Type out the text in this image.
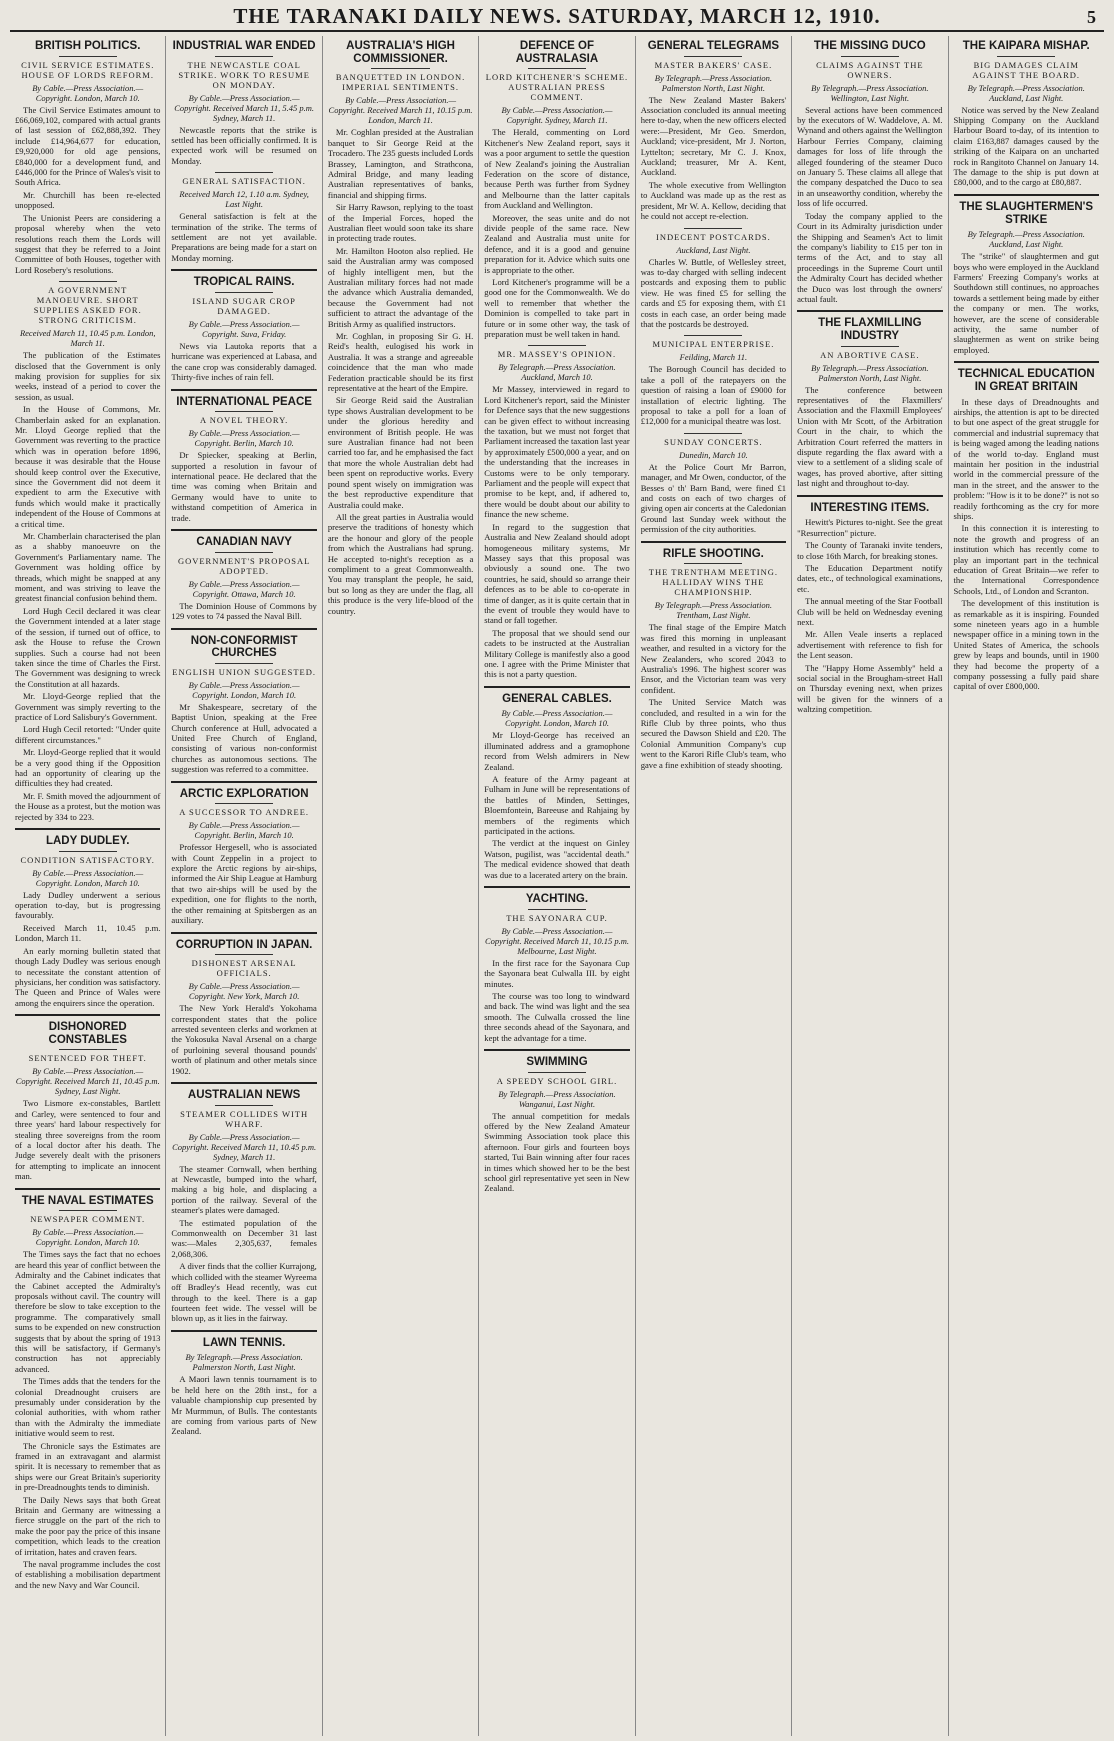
THE TARANAKI DAILY NEWS. SATURDAY, MARCH 12, 1910.	5
BRITISH POLITICS.
CIVIL SERVICE ESTIMATES. HOUSE OF LORDS REFORM.
By Cable.—Press Association.—Copyright. London, March 10.

The Civil Service Estimates amount to £66,069,102, compared with actual grants of last session of £62,888,392. They include £14,964,677 for education, £9,920,000 for old age pensions, £840,000 for a development fund, and £446,000 for the Prince of Wales's visit to South Africa.

Mr. Churchill has been re-elected unopposed.

The Unionist Peers are considering a proposal whereby when the veto resolutions reach them the Lords will suggest that they be referred to a Joint Committee of both Houses, together with Lord Rosebery's resolutions.

A GOVERNMENT MANOEUVRE. SHORT SUPPLIES ASKED FOR. STRONG CRITICISM.
Received March 11, 10.45 p.m. London, March 11.

The publication of the Estimates disclosed that the Government is only making provision for supplies for six weeks, instead of a period to cover the session, as usual.

In the House of Commons, Mr. Chamberlain asked for an explanation. Mr. Lloyd George replied that the Government was reverting to the practice which was in operation before 1896, because it was desirable that the House should keep control over the Executive, since the Government did not deem it expedient to arm the Executive with funds which would make it practically independent of the House of Commons at a critical time.

Mr. Chamberlain characterised the plan as a shabby manoeuvre on the Government's Parliamentary name. The Government was holding office by threads, which might be snapped at any moment, and was striving to leave the greatest financial confusion behind them.

Lord Hugh Cecil declared it was clear the Government intended at a later stage of the session, if turned out of office, to ask the House to refuse the Crown supplies. Such a course had not been taken since the time of Charles the First. The Government was designing to wreck the Constitution at all hazards.

Mr. Lloyd-George replied that the Government was simply reverting to the practice of Lord Salisbury's Government.

Lord Hugh Cecil retorted: "Under quite different circumstances."

Mr. Lloyd-George replied that it would be a very good thing if the Opposition had an opportunity of clearing up the difficulties they had created.

Mr. F. Smith moved the adjournment of the House as a protest, but the motion was rejected by 334 to 223.

LADY DUDLEY.
CONDITION SATISFACTORY.
By Cable.—Press Association.—Copyright. London, March 10.

Lady Dudley underwent a serious operation to-day, but is progressing favourably.

Received March 11, 10.45 p.m. London, March 11.

An early morning bulletin stated that though Lady Dudley was serious enough to necessitate the constant attention of physicians, her condition was satisfactory. The Queen and Prince of Wales were among the enquirers since the operation.

DISHONORED CONSTABLES
SENTENCED FOR THEFT.
By Cable.—Press Association.—Copyright. Received March 11, 10.45 p.m. Sydney, Last Night.

Two Lismore ex-constables, Bartlett and Carley, were sentenced to four and three years' hard labour respectively for stealing three sovereigns from the room of a local doctor after his death. The Judge severely dealt with the prisoners for attempting to implicate an innocent man.

THE NAVAL ESTIMATES
NEWSPAPER COMMENT.
By Cable.—Press Association.—Copyright. London, March 10.

The Times says the fact that no echoes are heard this year of conflict between the Admiralty and the Cabinet indicates that the Cabinet accepted the Admiralty's proposals without cavil. The country will therefore be slow to take exception to the programme. The comparatively small sums to be expended on new construction suggests that by about the spring of 1913 this will be satisfactory, if Germany's construction has not appreciably advanced.

The Times adds that the tenders for the colonial Dreadnought cruisers are presumably under consideration by the colonial authorities, with whom rather than with the Admiralty the immediate initiative would seem to rest.

The Chronicle says the Estimates are framed in an extravagant and alarmist spirit. It is necessary to remember that as ships were our Great Britain's superiority in pre-Dreadnoughts tends to diminish.

The Daily News says that both Great Britain and Germany are witnessing a fierce struggle on the part of the rich to make the poor pay the price of this insane competition, which leads to the creation of irritation, hates and craven fears.

The naval programme includes the cost of establishing a mobilisation department and the new Navy and War Council.

INDUSTRIAL WAR ENDED
THE NEWCASTLE COAL STRIKE. WORK TO RESUME ON MONDAY.
By Cable.—Press Association.—Copyright. Received March 11, 5.45 p.m. Sydney, March 11.

Newcastle reports that the strike is settled has been officially confirmed. It is expected work will be resumed on Monday.

GENERAL SATISFACTION.
Received March 12, 1.10 a.m. Sydney, Last Night.

General satisfaction is felt at the termination of the strike. The terms of settlement are not yet available. Preparations are being made for a start on Monday morning.

TROPICAL RAINS.
ISLAND SUGAR CROP DAMAGED.
By Cable.—Press Association.—Copyright. Suva, Friday.

News via Lautoka reports that a hurricane was experienced at Labasa, and the cane crop was considerably damaged. Thirty-five inches of rain fell.

INTERNATIONAL PEACE
A NOVEL THEORY.
By Cable.—Press Association.—Copyright. Berlin, March 10.

Dr Spiecker, speaking at Berlin, supported a resolution in favour of international peace. He declared that the time was coming when Britain and Germany would have to unite to withstand competition of America in trade.

CANADIAN NAVY
GOVERNMENT'S PROPOSAL ADOPTED.
By Cable.—Press Association.—Copyright. Ottawa, March 10.

The Dominion House of Commons by 129 votes to 74 passed the Naval Bill.

NON-CONFORMIST CHURCHES
ENGLISH UNION SUGGESTED.
By Cable.—Press Association.—Copyright. London, March 10.

Mr Shakespeare, secretary of the Baptist Union, speaking at the Free Church conference at Hull, advocated a United Free Church of England, consisting of various non-conformist churches as autonomous sections. The suggestion was referred to a committee.

ARCTIC EXPLORATION
A SUCCESSOR TO ANDREE.
By Cable.—Press Association.—Copyright. Berlin, March 10.

Professor Hergesell, who is associated with Count Zeppelin in a project to explore the Arctic regions by air-ships, informed the Air Ship League at Hamburg that two air-ships will be used by the expedition, one for flights to the north, the other remaining at Spitsbergen as an auxiliary.

CORRUPTION IN JAPAN.
DISHONEST ARSENAL OFFICIALS.
By Cable.—Press Association.—Copyright. New York, March 10.

The New York Herald's Yokohama correspondent states that the police arrested seventeen clerks and workmen at the Yokosuka Naval Arsenal on a charge of purloining several thousand pounds' worth of platinum and other metals since 1902.

AUSTRALIAN NEWS
STEAMER COLLIDES WITH WHARF.
By Cable.—Press Association.—Copyright. Received March 11, 10.45 p.m. Sydney, March 11.

The steamer Cornwall, when berthing at Newcastle, bumped into the wharf, making a big hole, and displacing a portion of the railway. Several of the steamer's plates were damaged.

The estimated population of the Commonwealth on December 31 last was:—Males 2,305,637, females 2,068,306.

A diver finds that the collier Kurrajong, which collided with the steamer Wyreema off Bradley's Head recently, was cut through to the keel. There is a gap fourteen feet wide. The vessel will be blown up, as it lies in the fairway.

LAWN TENNIS.
By Telegraph.—Press Association. Palmerston North, Last Night.

A Maori lawn tennis tournament is to be held here on the 28th inst., for a valuable championship cup presented by Mr Murmmun, of Bulls. The contestants are coming from various parts of New Zealand.

AUSTRALIA'S HIGH COMMISSIONER.
BANQUETTED IN LONDON. IMPERIAL SENTIMENTS.
By Cable.—Press Association.—Copyright. Received March 11, 10.15 p.m. London, March 11.

Mr. Coghlan presided at the Australian banquet to Sir George Reid at the Trocadero. The 235 guests included Lords Brassey, Lamington, and Strathcona, Admiral Bridge, and many leading Australian representatives of banks, financial and shipping firms.

Sir Harry Rawson, replying to the toast of the Imperial Forces, hoped the Australian fleet would soon take its share in protecting trade routes.

Mr. Hamilton Hooton also replied. He said the Australian army was composed of highly intelligent men, but the Australian military forces had not made the advance which Australia demanded, because the Government had not sufficient to attract the advantage of the British Army as qualified instructors.

Mr. Coghlan, in proposing Sir G. H. Reid's health, eulogised his work in Australia. It was a strange and agreeable coincidence that the man who made Federation practicable should be its first representative at the heart of the Empire.

Sir George Reid said the Australian type shows Australian development to be under the glorious heredity and environment of British people. He was sure Australian finance had not been carried too far, and he emphasised the fact that more the whole Australian debt had been spent on reproductive works. Every pound spent wisely on immigration was the best reproductive expenditure that Australia could make.

All the great parties in Australia would preserve the traditions of honesty which are the honour and glory of the people from which the Australians had sprung. He accepted to-night's reception as a compliment to a great Commonwealth. You may transplant the people, he said, but so long as they are under the flag, all this produce is the very life-blood of the country.

DEFENCE OF AUSTRALASIA
LORD KITCHENER'S SCHEME. AUSTRALIAN PRESS COMMENT.
By Cable.—Press Association.—Copyright. Sydney, March 11.

The Herald, commenting on Lord Kitchener's New Zealand report, says it was a poor argument to settle the question of New Zealand's joining the Australian Federation on the score of distance, because Perth was further from Sydney and Melbourne than the latter capitals from Auckland and Wellington.

Moreover, the seas unite and do not divide people of the same race. New Zealand and Australia must unite for defence, and it is a good and genuine preparation for it. Advice which suits one is appropriate to the other.

Lord Kitchener's programme will be a good one for the Commonwealth. We do well to remember that whether the Dominion is compelled to take part in future or in some other way, the task of preparation must be well taken in hand.

MR. MASSEY'S OPINION.
By Telegraph.—Press Association. Auckland, March 10.

Mr Massey, interviewed in regard to Lord Kitchener's report, said the Minister for Defence says that the new suggestions can be given effect to without increasing the taxation, but we must not forget that Parliament increased the taxation last year by approximately £500,000 a year, and on the understanding that the increases in Customs were to be only temporary. Parliament and the people will expect that promise to be kept, and, if adhered to, there would be doubt about our ability to finance the new scheme.

In regard to the suggestion that Australia and New Zealand should adopt homogeneous military systems, Mr Massey says that this proposal was obviously a sound one. The two countries, he said, should so arrange their defences as to be able to co-operate in time of danger, as it is quite certain that in the event of trouble they would have to stand or fall together.

The proposal that we should send our cadets to be instructed at the Australian Military College is manifestly also a good one. I agree with the Prime Minister that this is not a party question.

GENERAL CABLES.
By Cable.—Press Association.—Copyright. London, March 10.

Mr Lloyd-George has received an illuminated address and a gramophone record from Welsh admirers in New Zealand.

A feature of the Army pageant at Fulham in June will be representations of the battles of Minden, Settinges, Bloemfontein, Bareeuse and Rahjaing by members of the regiments which participated in the actions.

The verdict at the inquest on Ginley Watson, pugilist, was "accidental death." The medical evidence showed that death was due to a lacerated artery on the brain.

YACHTING.
THE SAYONARA CUP.
By Cable.—Press Association.—Copyright. Received March 11, 10.15 p.m. Melbourne, Last Night.

In the first race for the Sayonara Cup the Sayonara beat Culwalla III. by eight minutes.

The course was too long to windward and back. The wind was light and the sea smooth. The Culwalla crossed the line three seconds ahead of the Sayonara, and kept the advantage for a time.

SWIMMING
A SPEEDY SCHOOL GIRL.
By Telegraph.—Press Association. Wanganui, Last Night.

The annual competition for medals offered by the New Zealand Amateur Swimming Association took place this afternoon. Four girls and fourteen boys started, Tui Bain winning after four races in times which showed her to be the best school girl representative yet seen in New Zealand.

GENERAL TELEGRAMS
MASTER BAKERS' CASE.
By Telegraph.—Press Association. Palmerston North, Last Night.

The New Zealand Master Bakers' Association concluded its annual meeting here to-day, when the new officers elected were:—President, Mr Geo. Smerdon, Auckland; vice-president, Mr J. Norton, Lyttelton; secretary, Mr C. J. Knox, Auckland; treasurer, Mr A. Kent, Auckland.

The whole executive from Wellington to Auckland was made up as the rest as president, Mr W. A. Kellow, deciding that he could not accept re-election.

INDECENT POSTCARDS.
Auckland, Last Night.

Charles W. Buttle, of Wellesley street, was to-day charged with selling indecent postcards and exposing them to public view. He was fined £5 for selling the cards and £5 for exposing them, with £1 costs in each case, an order being made that the postcards be destroyed.

MUNICIPAL ENTERPRISE.
Feilding, March 11.

The Borough Council has decided to take a poll of the ratepayers on the question of raising a loan of £9000 for installation of electric lighting. The proposal to take a poll for a loan of £12,000 for a municipal theatre was lost.

SUNDAY CONCERTS.
Dunedin, March 10.

At the Police Court Mr Barron, manager, and Mr Owen, conductor, of the Besses o' th' Barn Band, were fined £1 and costs on each of two charges of giving open air concerts at the Caledonian Ground last Sunday week without the permission of the city authorities.

RIFLE SHOOTING.
THE TRENTHAM MEETING. HALLIDAY WINS THE CHAMPIONSHIP.
By Telegraph.—Press Association. Trentham, Last Night.

The final stage of the Empire Match was fired this morning in unpleasant weather, and resulted in a victory for the New Zealanders, who scored 2043 to Australia's 1996. The highest scorer was Ensor, and the Victorian team was very confident.

The United Service Match was concluded, and resulted in a win for the Rifle Club by three points, who thus secured the Dawson Shield and £20. The Colonial Ammunition Company's cup went to the Karori Rifle Club's team, who gave a fine exhibition of steady shooting.

THE MISSING DUCO
CLAIMS AGAINST THE OWNERS.
By Telegraph.—Press Association. Wellington, Last Night.

Several actions have been commenced by the executors of W. Waddelove, A. M. Wynand and others against the Wellington Harbour Ferries Company, claiming damages for loss of life through the alleged foundering of the steamer Duco on January 5. These claims all allege that the company despatched the Duco to sea in an unseaworthy condition, whereby the loss of life occurred.

Today the company applied to the Court in its Admiralty jurisdiction under the Shipping and Seamen's Act to limit the company's liability to £15 per ton in terms of the Act, and to stay all proceedings in the Supreme Court until the Admiralty Court has decided whether the Duco was lost through the owners' actual fault.

THE FLAXMILLING INDUSTRY
AN ABORTIVE CASE.
By Telegraph.—Press Association. Palmerston North, Last Night.

The conference between representatives of the Flaxmillers' Association and the Flaxmill Employees' Union with Mr Scott, of the Arbitration Court in the chair, to which the Arbitration Court referred the matters in dispute regarding the flax award with a view to a settlement of a sliding scale of wages, has proved abortive, after sitting last night and throughout to-day.

INTERESTING ITEMS.

Hewitt's Pictures to-night. See the great "Resurrection" picture.

The County of Taranaki invite tenders, to close 16th March, for breaking stones.

The Education Department notify dates, etc., of technological examinations, etc.

The annual meeting of the Star Football Club will be held on Wednesday evening next.

Mr. Allen Veale inserts a replaced advertisement with reference to fish for the Lent season.

The "Happy Home Assembly" held a social social in the Brougham-street Hall on Thursday evening next, when prizes will be given for the winners of a waltzing competition.

THE KAIPARA MISHAP.
BIG DAMAGES CLAIM AGAINST THE BOARD.
By Telegraph.—Press Association. Auckland, Last Night.

Notice was served by the New Zealand Shipping Company on the Auckland Harbour Board to-day, of its intention to claim £163,887 damages caused by the striking of the Kaipara on an uncharted rock in Rangitoto Channel on January 14. The damage to the ship is put down at £80,000, and to the cargo at £80,887.

THE SLAUGHTERMEN'S STRIKE
By Telegraph.—Press Association. Auckland, Last Night.

The "strike" of slaughtermen and gut boys who were employed in the Auckland Farmers' Freezing Company's works at Southdown still continues, no approaches towards a settlement being made by either the company or men. The works, however, are the scene of considerable activity, the same number of slaughtermen as went on strike being employed.

TECHNICAL EDUCATION IN GREAT BRITAIN

In these days of Dreadnoughts and airships, the attention is apt to be directed to but one aspect of the great struggle for commercial and industrial supremacy that is being waged among the leading nations of the world to-day. England must maintain her position in the industrial world in the commercial pressure of the man in the street, and the answer to the problem: "How is it to be done?" is not so readily forthcoming as the cry for more ships.

In this connection it is interesting to note the growth and progress of an institution which has recently come to play an important part in the technical education of Great Britain—we refer to the International Correspondence Schools, Ltd., of London and Scranton.

The development of this institution is as remarkable as it is inspiring. Founded some nineteen years ago in a humble newspaper office in a mining town in the United States of America, the schools grew by leaps and bounds, until in 1900 they had become the property of a company possessing a fully paid share capital of over £800,000.
